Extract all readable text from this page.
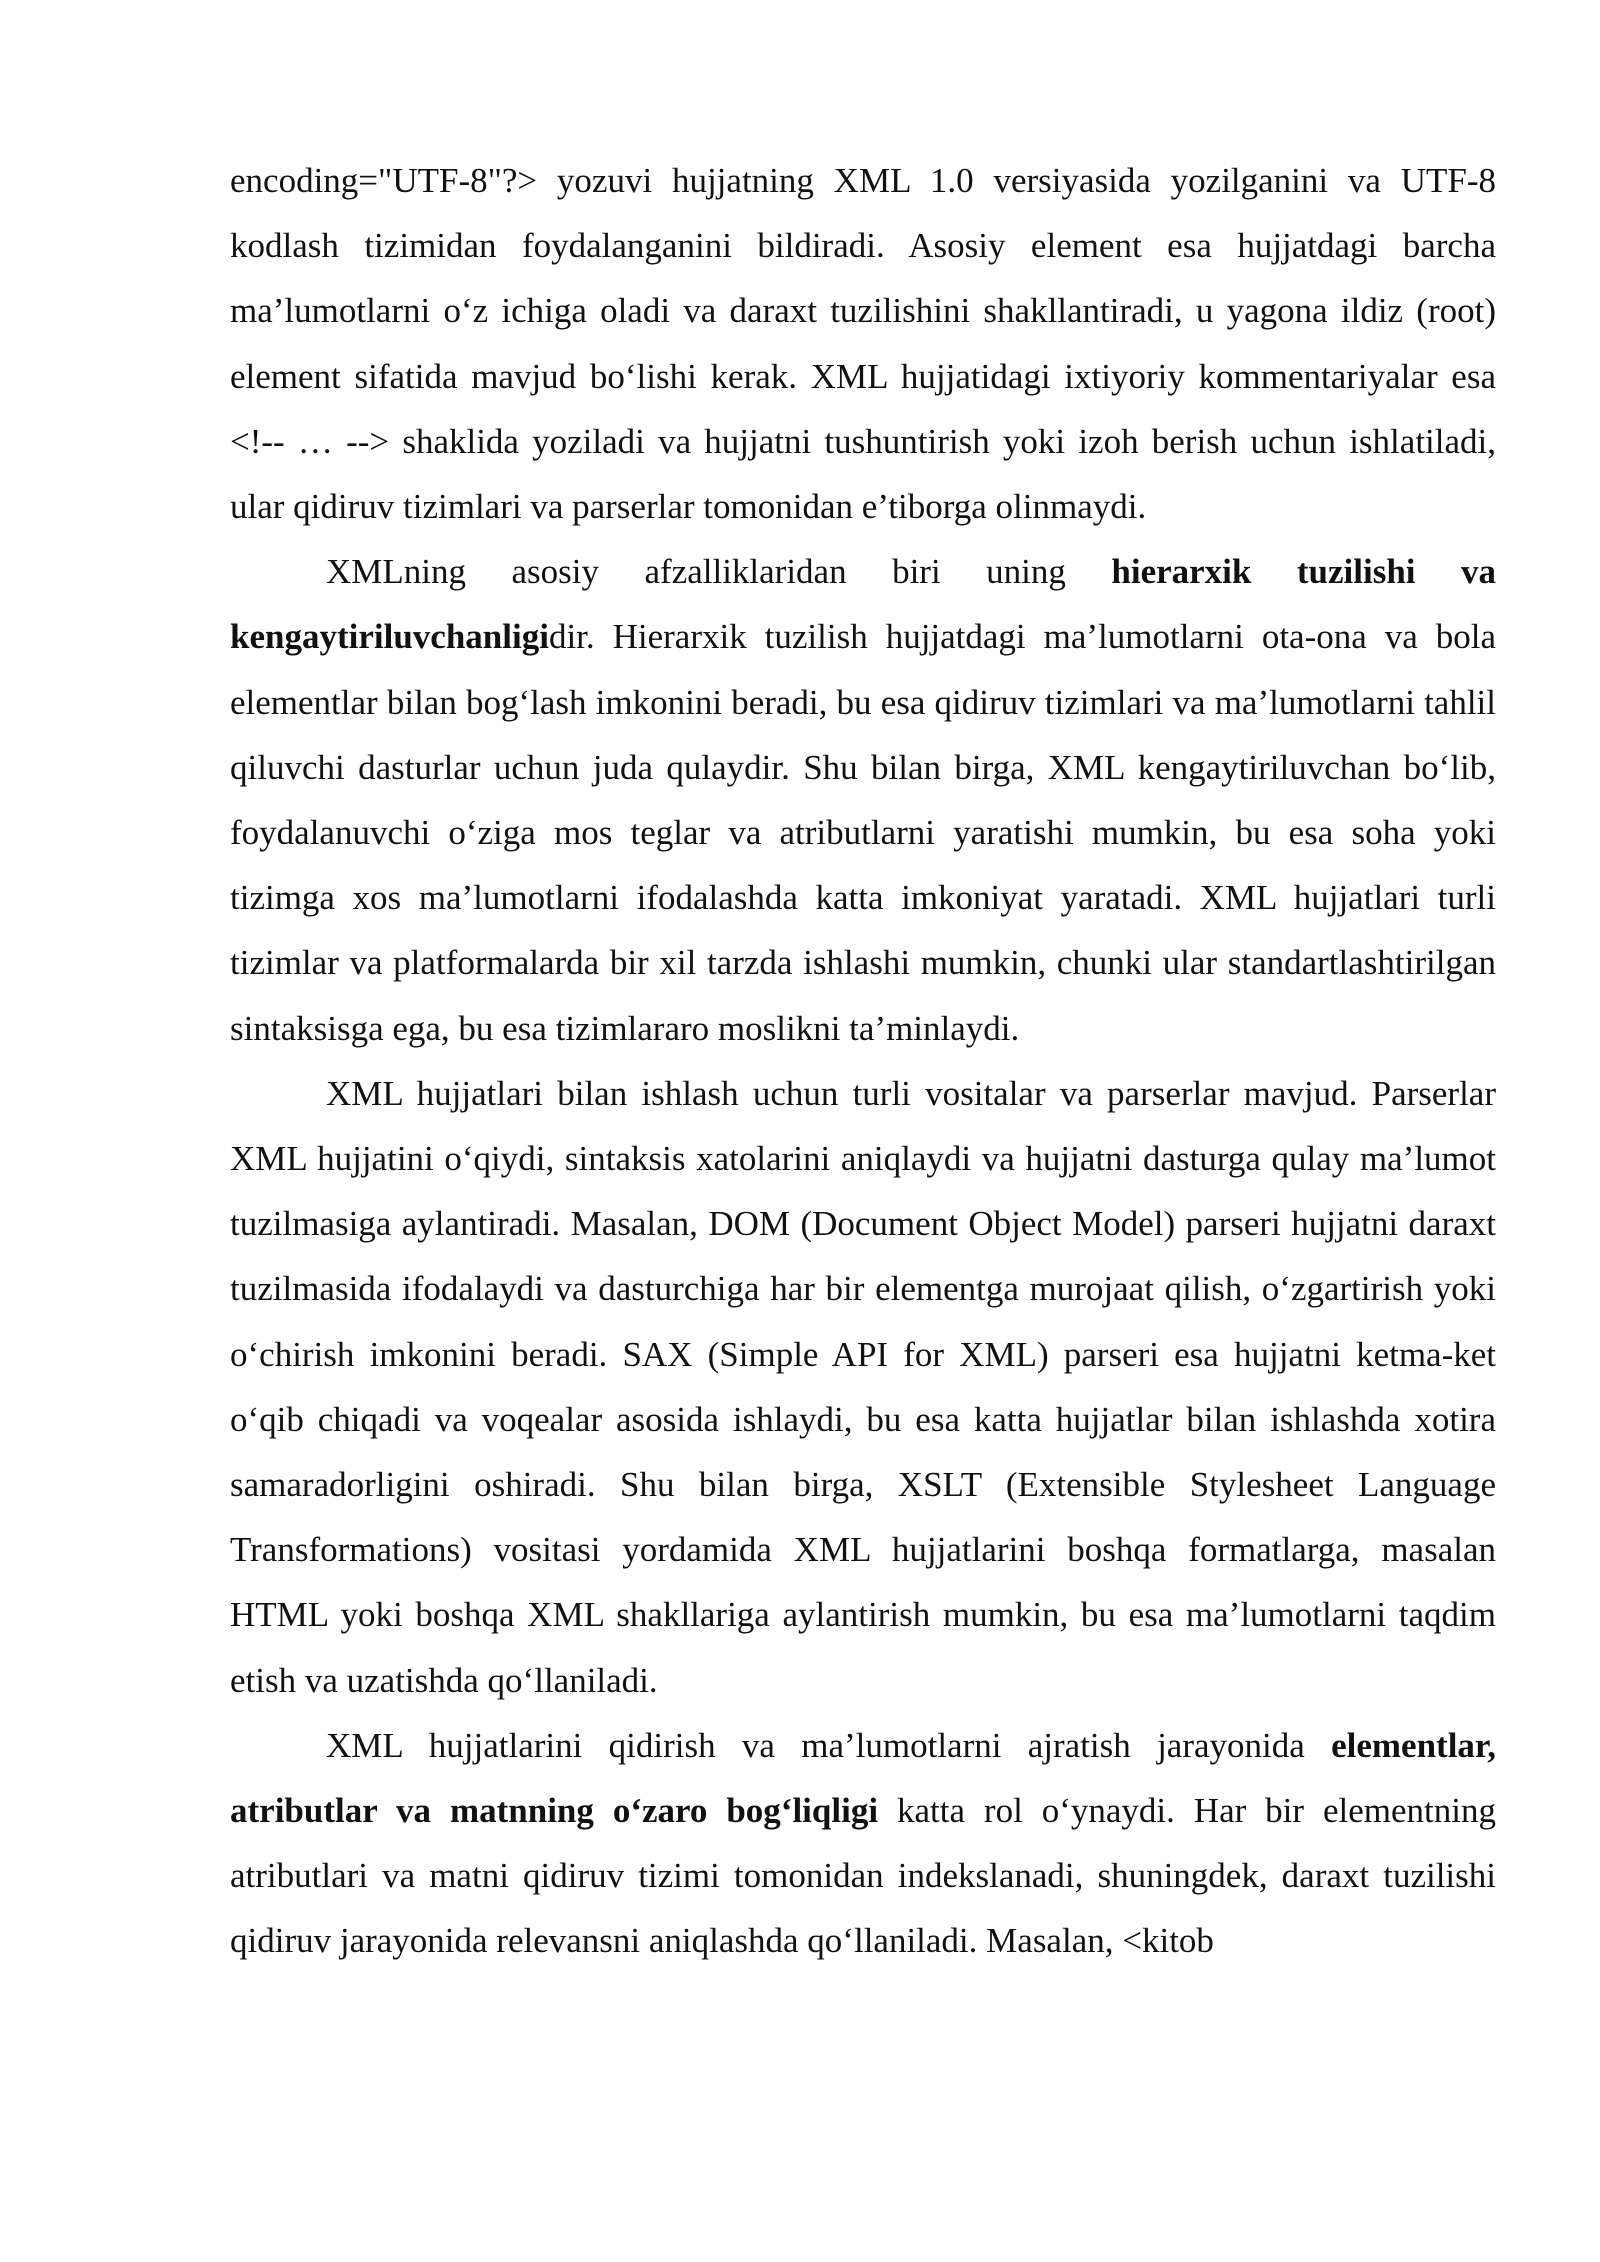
encoding="UTF-8"?> yozuvi hujjatning XML 1.0 versiyasida yozilganini va UTF-8 kodlash tizimidan foydalanganini bildiradi. Asosiy element esa hujjatdagi barcha ma’lumotlarni o‘z ichiga oladi va daraxt tuzilishini shakllantiradi, u yagona ildiz (root) element sifatida mavjud bo‘lishi kerak. XML hujjatidagi ixtiyoriy kommentariyalar esa <!-- … --> shaklida yoziladi va hujjatni tushuntirish yoki izoh berish uchun ishlatiladi, ular qidiruv tizimlari va parserlar tomonidan e’tiborga olinmaydi.

XMLning asosiy afzalliklaridan biri uning hierarxik tuzilishi va kengaytiriluvchanligidir. Hierarxik tuzilish hujjatdagi ma’lumotlarni ota-ona va bola elementlar bilan bog‘lash imkonini beradi, bu esa qidiruv tizimlari va ma’lumotlarni tahlil qiluvchi dasturlar uchun juda qulaydir. Shu bilan birga, XML kengaytiriluvchan bo‘lib, foydalanuvchi o‘ziga mos teglar va atributlarni yaratishi mumkin, bu esa soha yoki tizimga xos ma’lumotlarni ifodalashda katta imkoniyat yaratadi. XML hujjatlari turli tizimlar va platformalarda bir xil tarzda ishlashi mumkin, chunki ular standartlashtirilgan sintaksisga ega, bu esa tizimlararo moslikni ta’minlaydi.

XML hujjatlari bilan ishlash uchun turli vositalar va parserlar mavjud. Parserlar XML hujjatini o‘qiydi, sintaksis xatolarini aniqlaydi va hujjatni dasturga qulay ma’lumot tuzilmasiga aylantiradi. Masalan, DOM (Document Object Model) parseri hujjatni daraxt tuzilmasida ifodalaydi va dasturchiga har bir elementga murojaat qilish, o‘zgartirish yoki o‘chirish imkonini beradi. SAX (Simple API for XML) parseri esa hujjatni ketma-ket o‘qib chiqadi va voqealar asosida ishlaydi, bu esa katta hujjatlar bilan ishlashda xotira samaradorligini oshiradi. Shu bilan birga, XSLT (Extensible Stylesheet Language Transformations) vositasi yordamida XML hujjatlarini boshqa formatlarga, masalan HTML yoki boshqa XML shakllariga aylantirish mumkin, bu esa ma’lumotlarni taqdim etish va uzatishda qo‘llaniladi.

XML hujjatlarini qidirish va ma’lumotlarni ajratish jarayonida elementlar, atributlar va matnning o‘zaro bog‘liqligi katta rol o‘ynaydi. Har bir elementning atributlari va matni qidiruv tizimi tomonidan indekslanadi, shuningdek, daraxt tuzilishi qidiruv jarayonida relevansni aniqlashda qo‘llaniladi. Masalan, <kitob
